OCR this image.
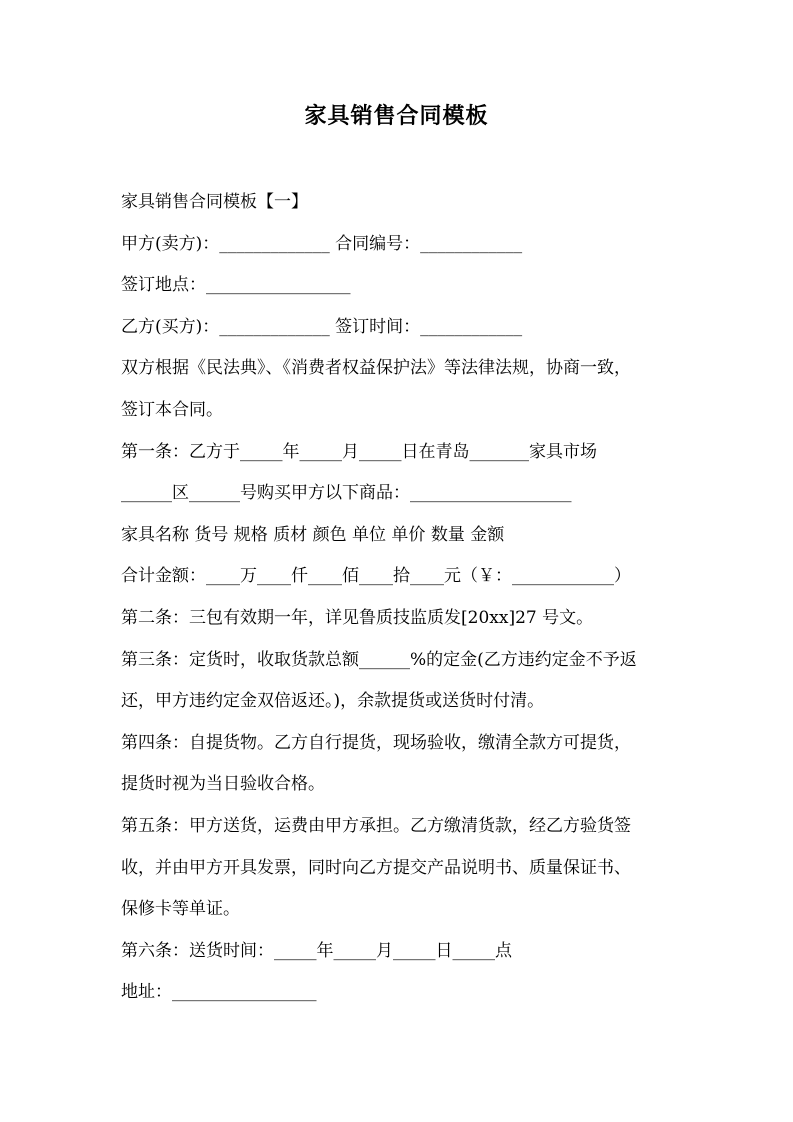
家具销售合同模板
家具销售合同模板【一】
甲方(卖方)：_____________ 合同编号：____________
签订地点：_________________
乙方(买方)：_____________ 签订时间：____________
双方根据《民法典》、《消费者权益保护法》等法律法规，协商一致，
签订本合同。
第一条：乙方于_____年_____月_____日在青岛_______家具市场
______区______号购买甲方以下商品：___________________
家具名称 货号 规格 质材 颜色 单位 单价 数量 金额
合计金额：____万____仟____佰____拾____元（￥：____________）
第二条：三包有效期一年，详见鲁质技监质发[20xx]27 号文。
第三条：定货时，收取货款总额______%的定金(乙方违约定金不予返
还，甲方违约定金双倍返还。)，余款提货或送货时付清。
第四条：自提货物。乙方自行提货，现场验收，缴清全款方可提货，
提货时视为当日验收合格。
第五条：甲方送货，运费由甲方承担。乙方缴清货款，经乙方验货签
收，并由甲方开具发票，同时向乙方提交产品说明书、质量保证书、
保修卡等单证。
第六条：送货时间：_____年_____月_____日_____点
地址：_________________
